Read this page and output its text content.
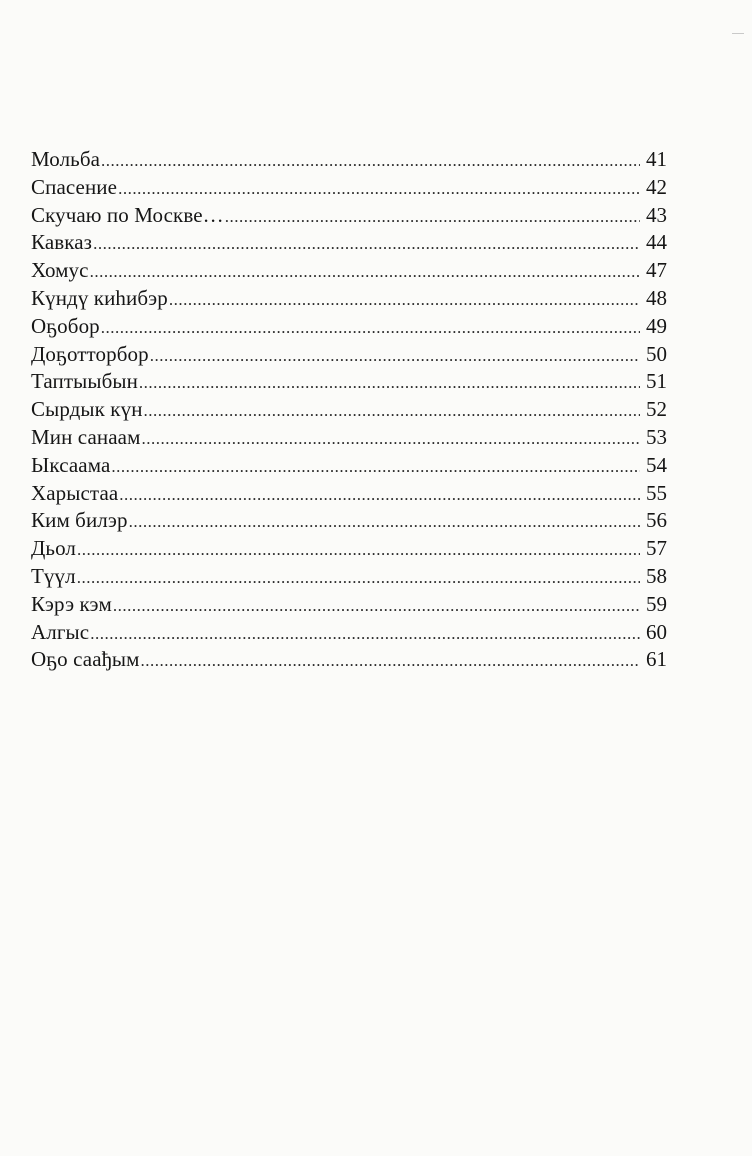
Мольба .....	41
Спасение .....	42
Скучаю по Москве… .....	43
Кавказ .....	44
Хомус .....	47
Күндү киһибэр .....	48
Оҕобор .....	49
Доҕотторбор .....	50
Таптыыбын .....	51
Сырдык күн .....	52
Мин санаам .....	53
Ыксаама .....	54
Харыстаа .....	55
Ким билэр .....	56
Дьол .....	57
Түүл .....	58
Кэрэ кэм .....	59
Алгыс .....	60
Оҕо саађым .....	61
